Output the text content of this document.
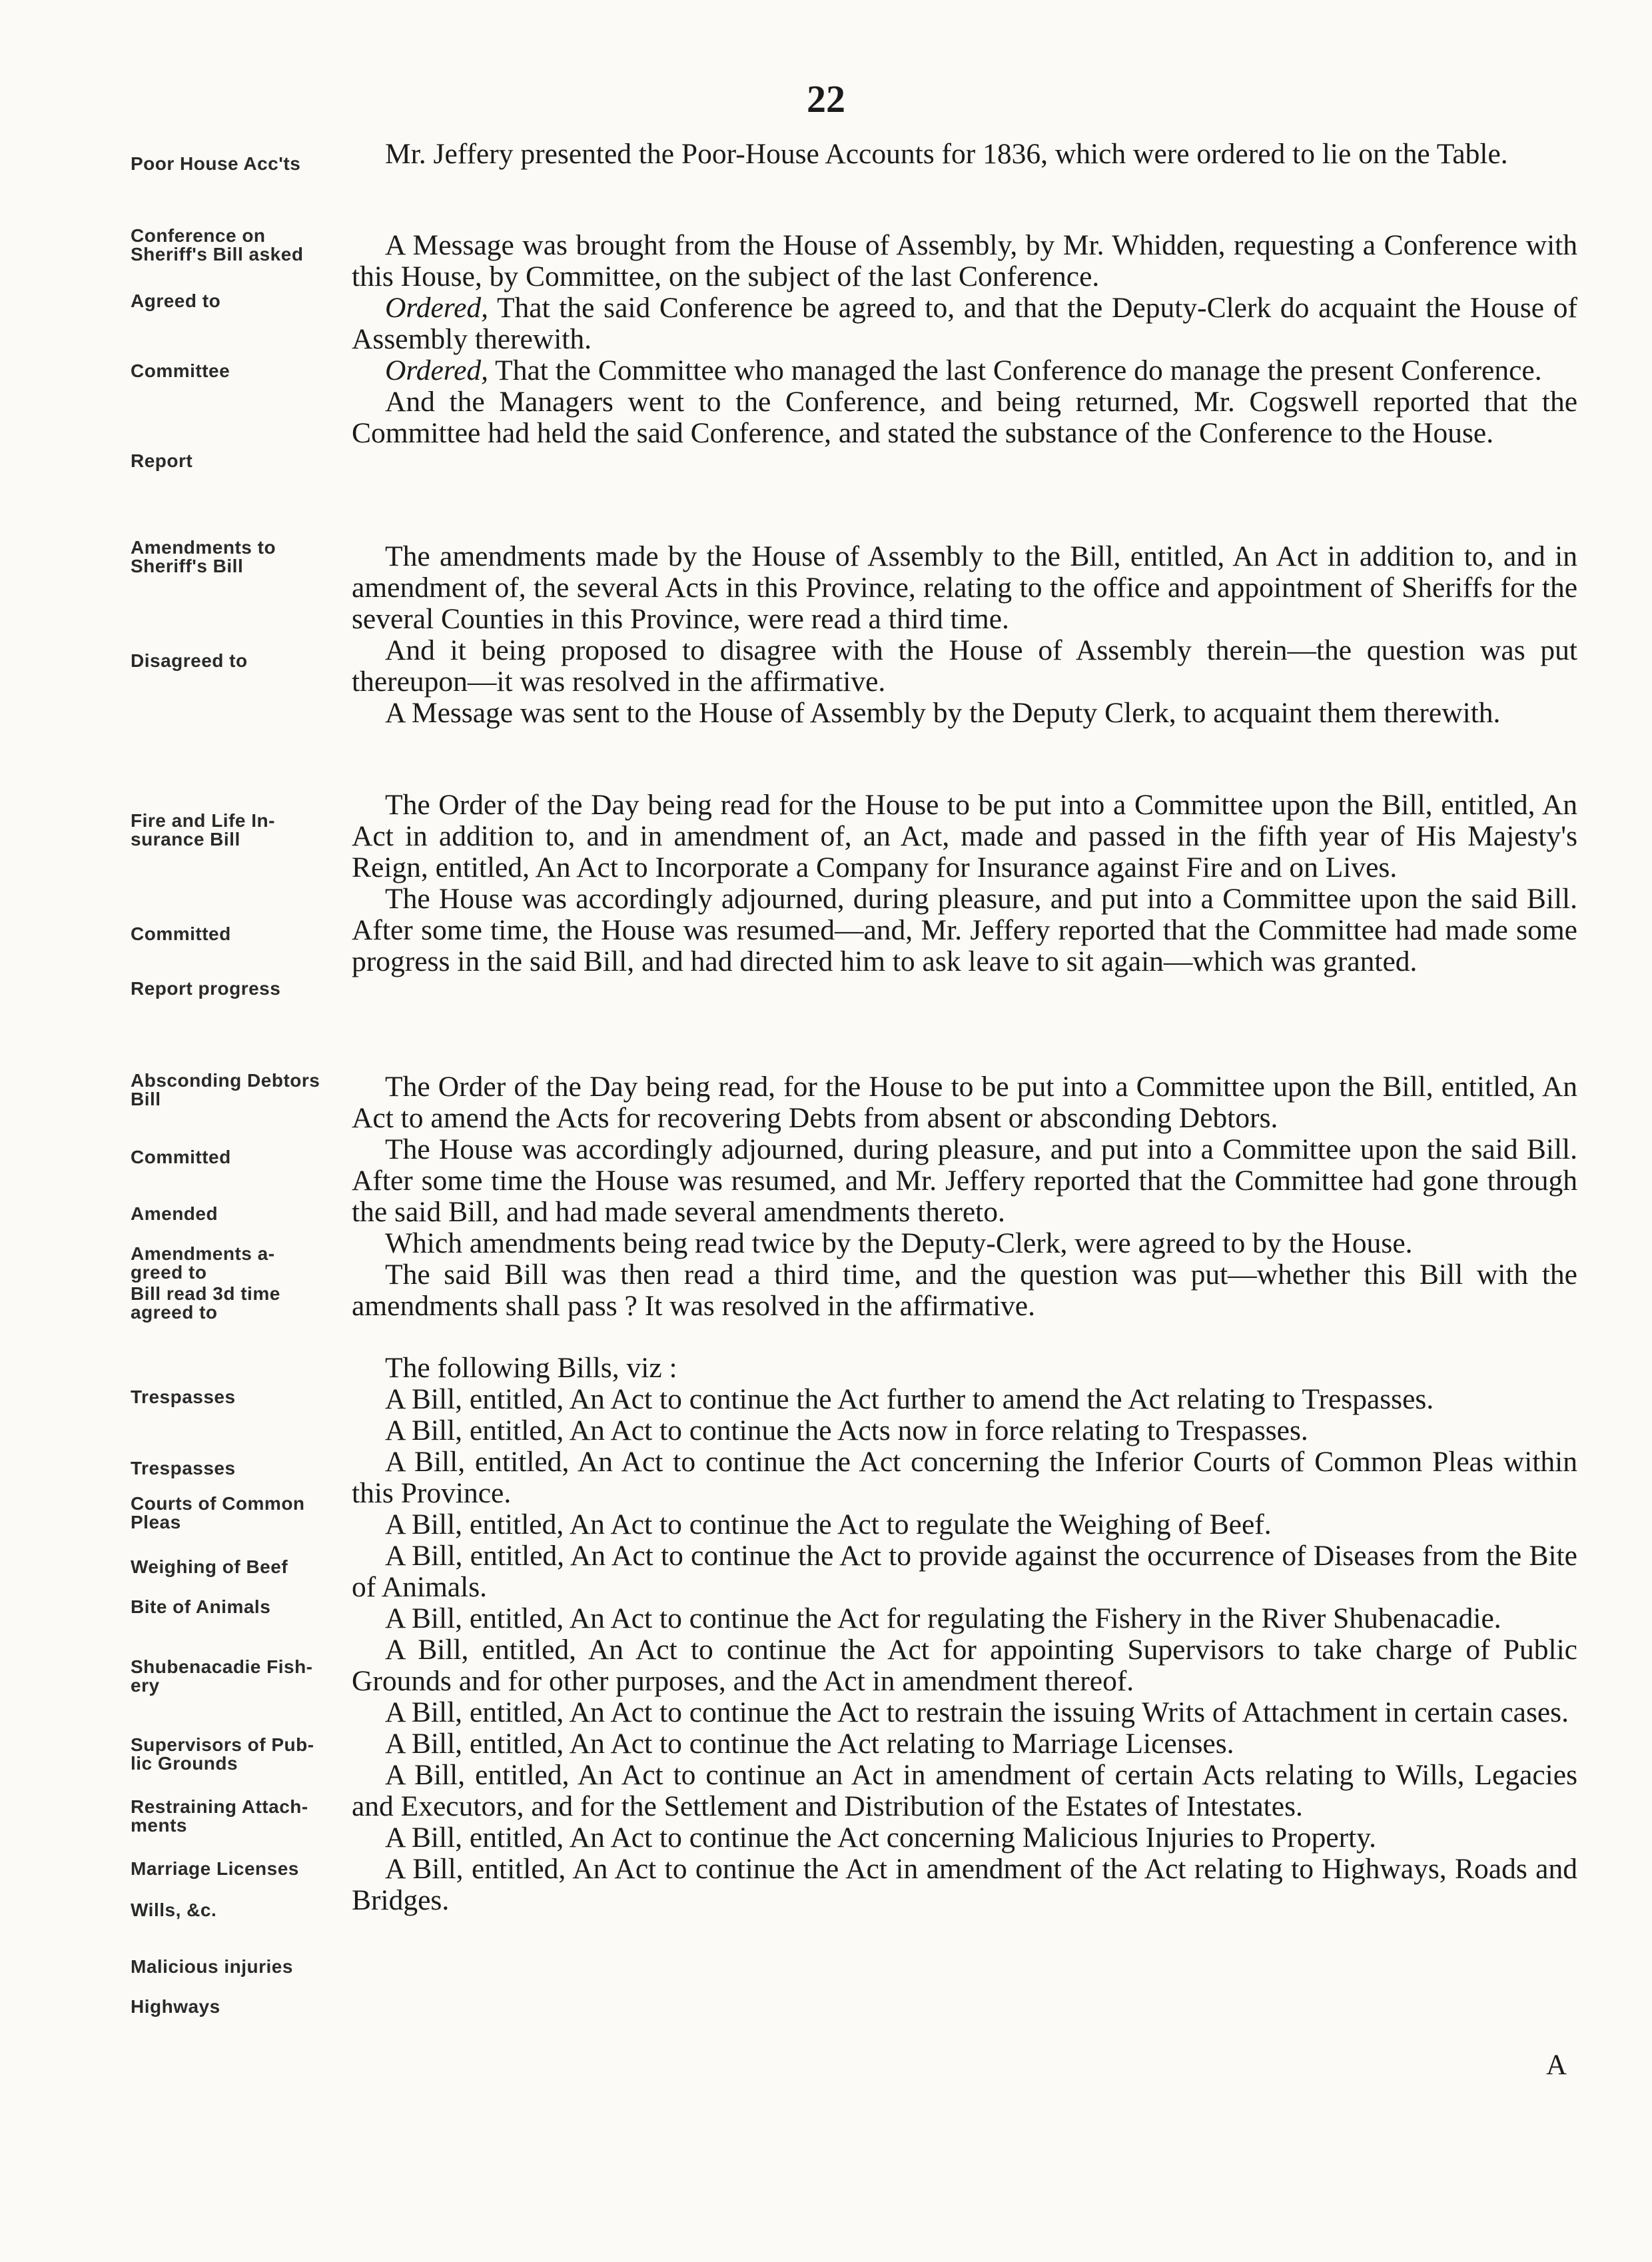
22
Poor House Acc'ts
Conference on
Sheriff's Bill asked
Agreed to
Committee
Report
Amendments to
Sheriff's Bill
Disagreed to
Fire and Life In-
surance Bill
Committed
Report progress
Absconding Debtors
Bill
Committed
Amended
Amendments a-
greed to
Bill read 3d time
agreed to
Trespasses
Trespasses
Courts of Common
Pleas
Weighing of Beef
Bite of Animals
Shubenacadie Fish-
ery
Supervisors of Pub-
lic Grounds
Restraining Attach-
ments
Marriage Licenses
Wills, &c.
Malicious injuries
Highways

Mr. Jeffery presented the Poor-House Accounts for 1836, which were ordered to lie on the Table.

A Message was brought from the House of Assembly, by Mr. Whidden, requesting a Conference with this House, by Committee, on the subject of the last Conference.

Ordered, That the said Conference be agreed to, and that the Deputy-Clerk do acquaint the House of Assembly therewith.

Ordered, That the Committee who managed the last Conference do manage the present Conference.

And the Managers went to the Conference, and being returned, Mr. Cogswell reported that the Committee had held the said Conference, and stated the substance of the Conference to the House.

The amendments made by the House of Assembly to the Bill, entitled, An Act in addition to, and in amendment of, the several Acts in this Province, relating to the office and appointment of Sheriffs for the several Counties in this Province, were read a third time.

And it being proposed to disagree with the House of Assembly therein—the question was put thereupon—it was resolved in the affirmative.

A Message was sent to the House of Assembly by the Deputy Clerk, to acquaint them therewith.

The Order of the Day being read for the House to be put into a Committee upon the Bill, entitled, An Act in addition to, and in amendment of, an Act, made and passed in the fifth year of His Majesty's Reign, entitled, An Act to Incorporate a Company for Insurance against Fire and on Lives.

The House was accordingly adjourned, during pleasure, and put into a Committee upon the said Bill. After some time, the House was resumed—and, Mr. Jeffery reported that the Committee had made some progress in the said Bill, and had directed him to ask leave to sit again—which was granted.

The Order of the Day being read, for the House to be put into a Committee upon the Bill, entitled, An Act to amend the Acts for recovering Debts from absent or absconding Debtors.

The House was accordingly adjourned, during pleasure, and put into a Committee upon the said Bill. After some time the House was resumed, and Mr. Jeffery reported that the Committee had gone through the said Bill, and had made several amendments thereto.

Which amendments being read twice by the Deputy-Clerk, were agreed to by the House.

The said Bill was then read a third time, and the question was put—whether this Bill with the amendments shall pass ? It was resolved in the affirmative.

The following Bills, viz :

A Bill, entitled, An Act to continue the Act further to amend the Act relating to Trespasses.

A Bill, entitled, An Act to continue the Acts now in force relating to Trespasses.

A Bill, entitled, An Act to continue the Act concerning the Inferior Courts of Common Pleas within this Province.

A Bill, entitled, An Act to continue the Act to regulate the Weighing of Beef.

A Bill, entitled, An Act to continue the Act to provide against the occurrence of Diseases from the Bite of Animals.

A Bill, entitled, An Act to continue the Act for regulating the Fishery in the River Shubenacadie.

A Bill, entitled, An Act to continue the Act for appointing Supervisors to take charge of Public Grounds and for other purposes, and the Act in amendment thereof.

A Bill, entitled, An Act to continue the Act to restrain the issuing Writs of Attachment in certain cases.

A Bill, entitled, An Act to continue the Act relating to Marriage Licenses.

A Bill, entitled, An Act to continue an Act in amendment of certain Acts relating to Wills, Legacies and Executors, and for the Settlement and Distribution of the Estates of Intestates.

A Bill, entitled, An Act to continue the Act concerning Malicious Injuries to Property.

A Bill, entitled, An Act to continue the Act in amendment of the Act relating to Highways, Roads and Bridges.

A
